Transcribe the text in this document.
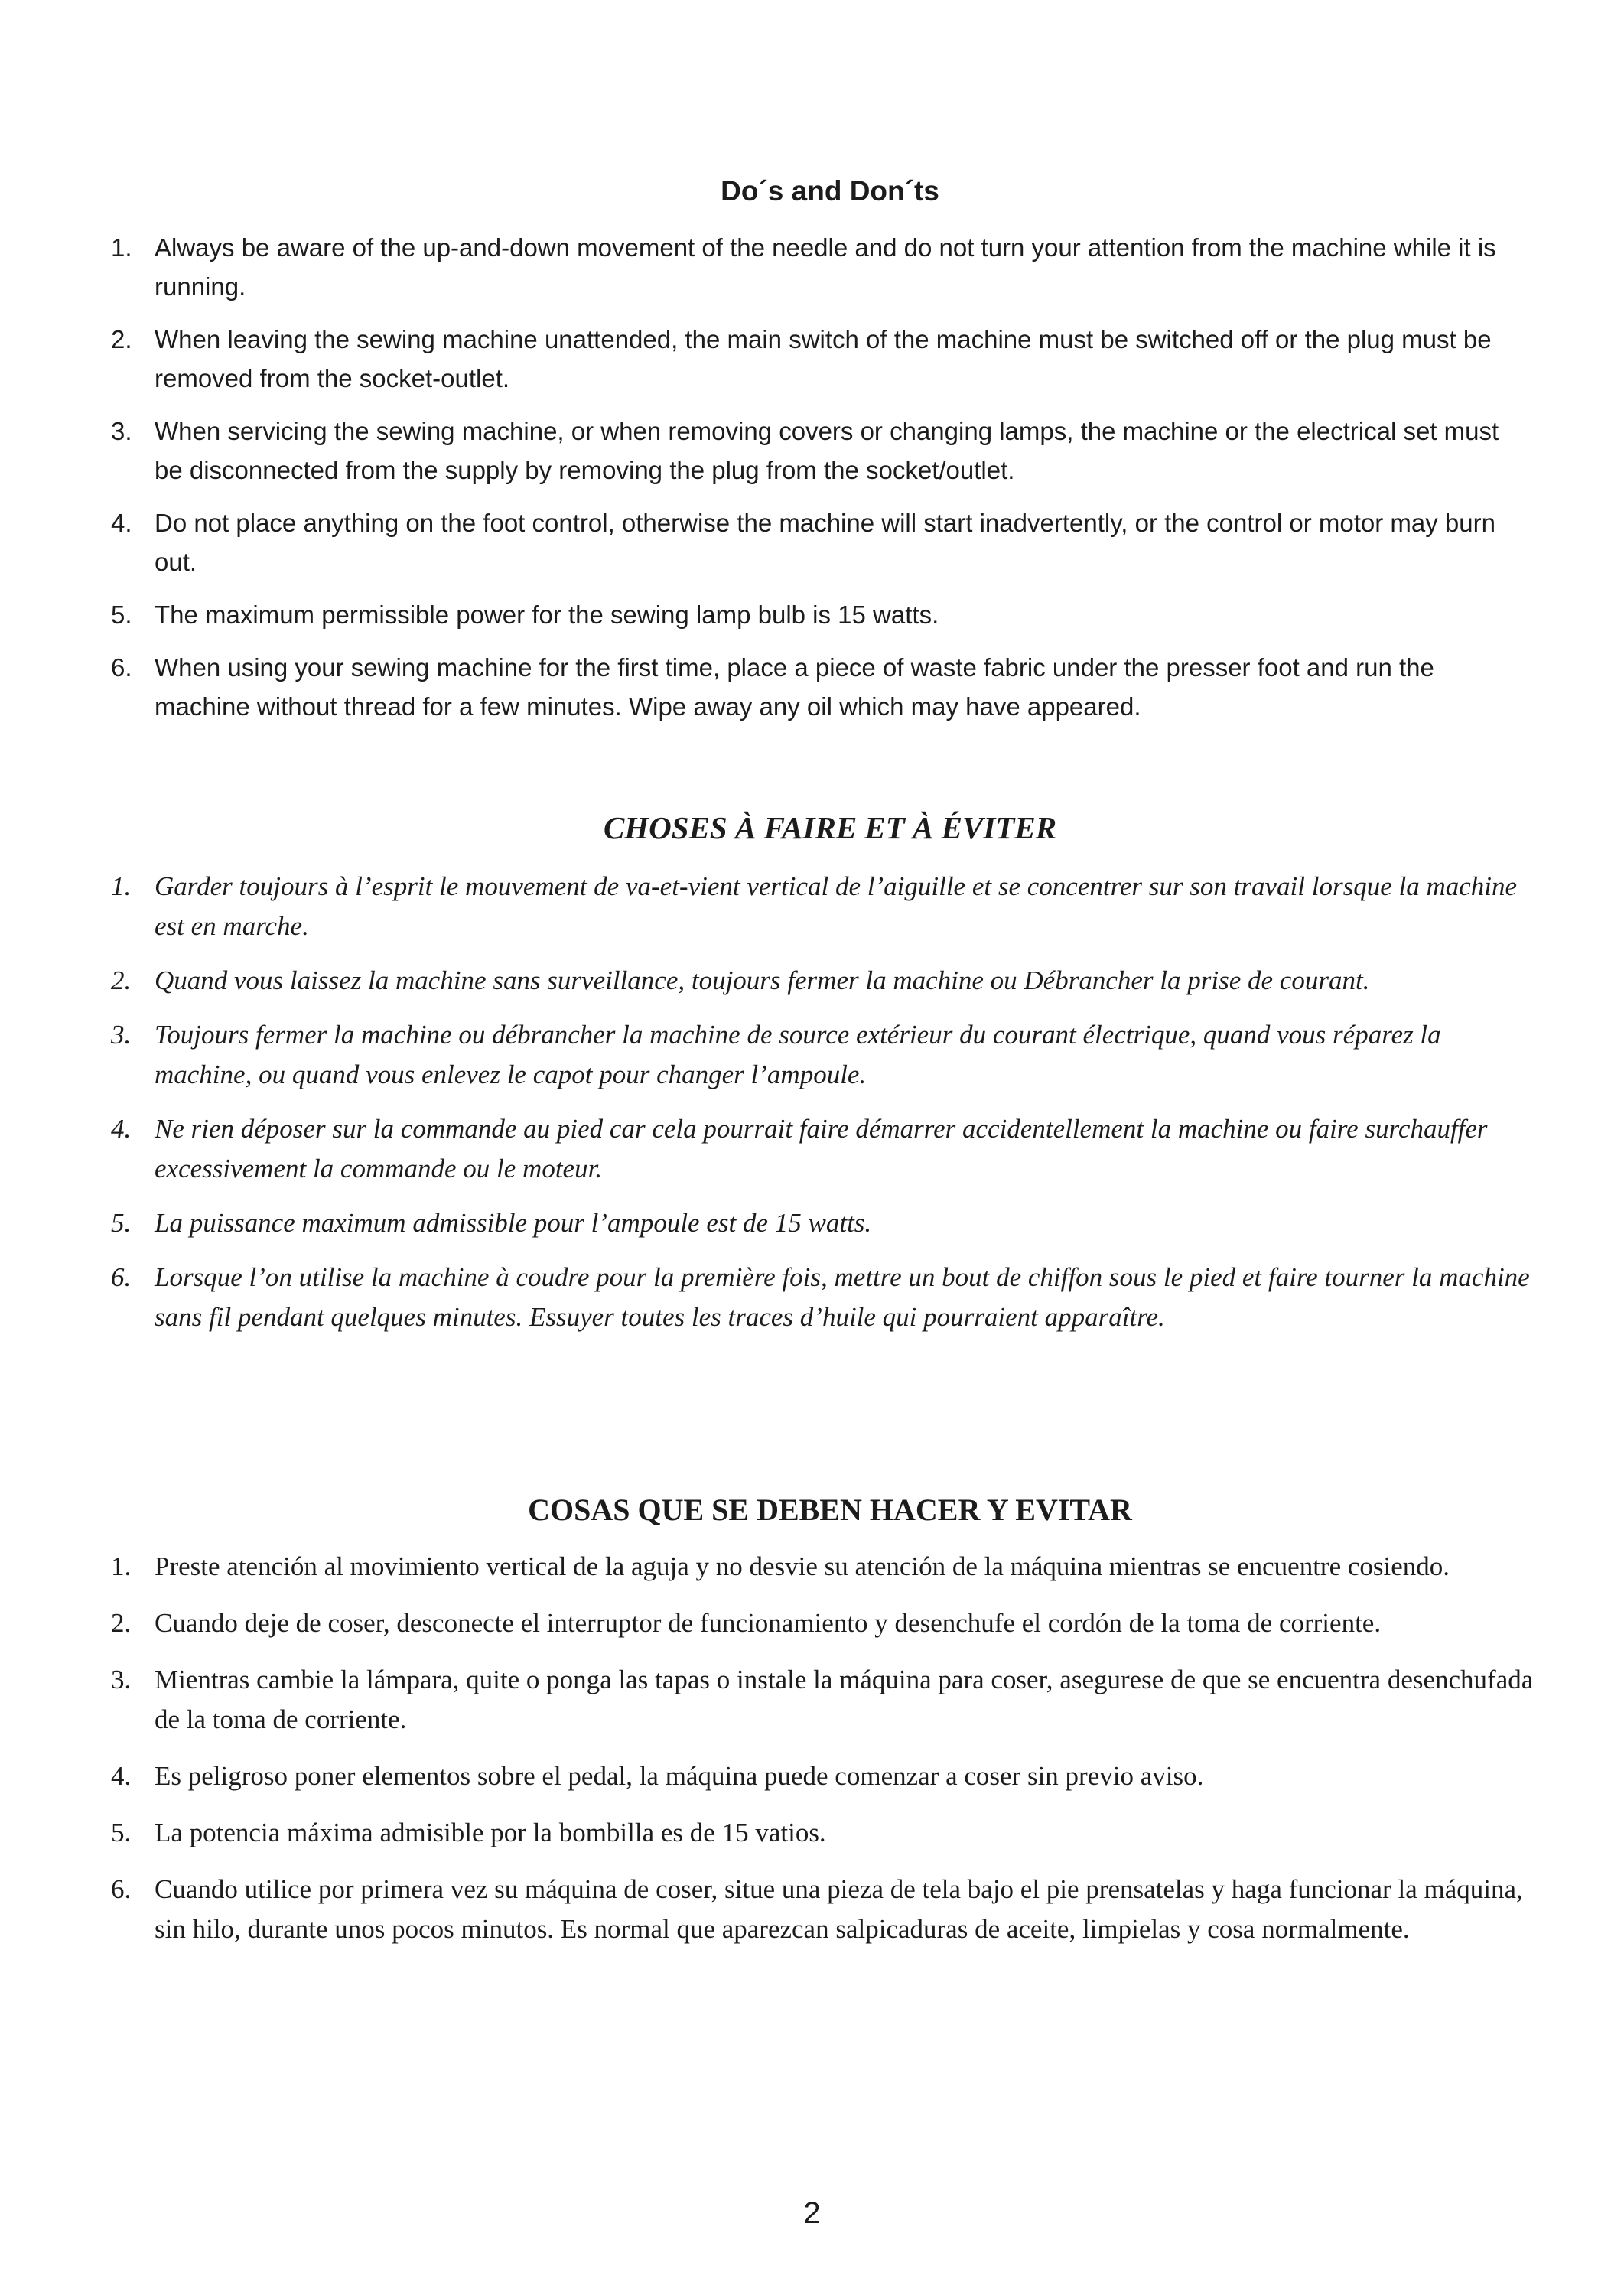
Do´s and Don´ts
1. Always be aware of the up-and-down movement of the needle and do not turn your attention from the machine while it is running.
2. When leaving the sewing machine unattended, the main switch of the machine must be switched off or the plug must be removed from the socket-outlet.
3. When servicing the sewing machine, or when removing covers or changing lamps, the machine or the electrical set must be disconnected from the supply by removing the plug from the socket/outlet.
4. Do not place anything on the foot control, otherwise the machine will start inadvertently, or the control or motor may burn out.
5. The maximum permissible power for the sewing lamp bulb is 15 watts.
6. When using your sewing machine for the first time, place a piece of waste fabric under the presser foot and run the machine without thread for a few minutes. Wipe away any oil which may have appeared.
CHOSES À FAIRE ET À ÉVITER
1. Garder toujours à l’esprit le mouvement de va-et-vient vertical de l’aiguille et se concentrer sur son travail lorsque la machine est en marche.
2. Quand vous laissez la machine sans surveillance, toujours fermer la machine ou Débrancher la prise de courant.
3. Toujours fermer la machine ou débrancher la machine de source extérieur du courant électrique, quand vous réparez la machine, ou quand vous enlevez le capot pour changer l’ampoule.
4. Ne rien déposer sur la commande au pied car cela pourrait faire démarrer accidentellement la machine ou faire surchauffer excessivement la commande ou le moteur.
5. La puissance maximum admissible pour l’ampoule est de 15 watts.
6. Lorsque l’on utilise la machine à coudre pour la première fois, mettre un bout de chiffon sous le pied et faire tourner la machine sans fil pendant quelques minutes. Essuyer toutes les traces d’huile qui pourraient apparaître.
COSAS QUE SE DEBEN HACER Y EVITAR
1. Preste atención al movimiento vertical de la aguja y no desvie su atención de la máquina mientras se encuentre cosiendo.
2. Cuando deje de coser, desconecte el interruptor de funcionamiento y desenchufe el cordón de la toma de corriente.
3. Mientras cambie la lámpara, quite o ponga las tapas o instale la máquina para coser, asegurese de que se encuentra desenchufada de la toma de corriente.
4. Es peligroso poner elementos sobre el pedal, la máquina puede comenzar a coser sin previo aviso.
5. La potencia máxima admisible por la bombilla es de 15 vatios.
6. Cuando utilice por primera vez su máquina de coser, situe una pieza de tela bajo el pie prensatelas y haga funcionar la máquina, sin hilo, durante unos pocos minutos. Es normal que aparezcan salpicaduras de aceite, limpielas y cosa normalmente.

2
